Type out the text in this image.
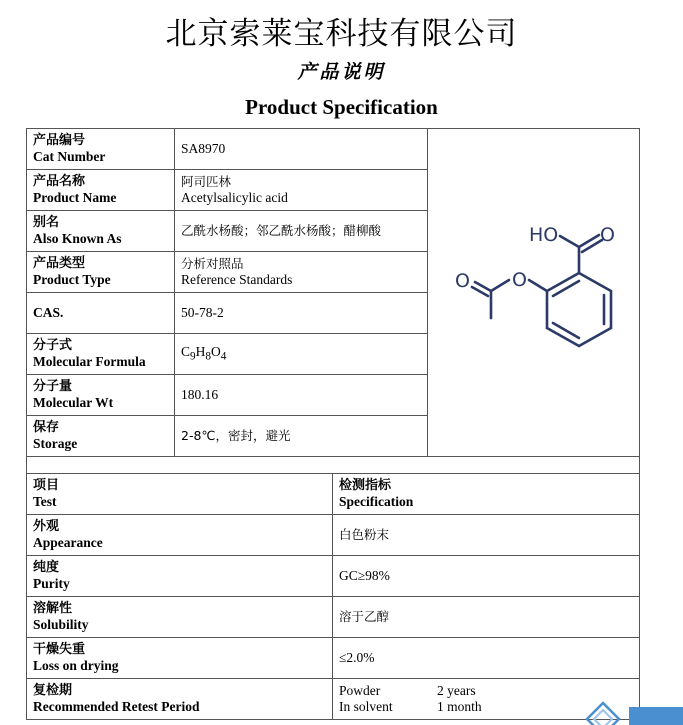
北京索莱宝科技有限公司
产品说明
Product Specification
产品编号
Cat Number	SA8970		HO O
O
O

产品名称
Product Name	阿司匹林
Acetylsalicylic acid		

别名
Also Known As	乙酰水杨酸；邻乙酰水杨酸；醋柳酸		

产品类型
Product Type	分析对照品
Reference Standards		

CAS.	50-78-2		

分子式
Molecular Formula	$C_9H_8O_4$

分子量
Molecular Wt	180.16		

保存
Storage	2-8℃，密封，避光		

项目
Test		检测指标
Specification	

外观
Appearance		白色粉末	

纯度
Purity		GC≥98%	

溶解性
Solubility		溶于乙醇	

干燥失重
Loss on drying		≤2.0%	

复检期
Recommended Retest Period		Powder 2 years
In solvent 1 month	
